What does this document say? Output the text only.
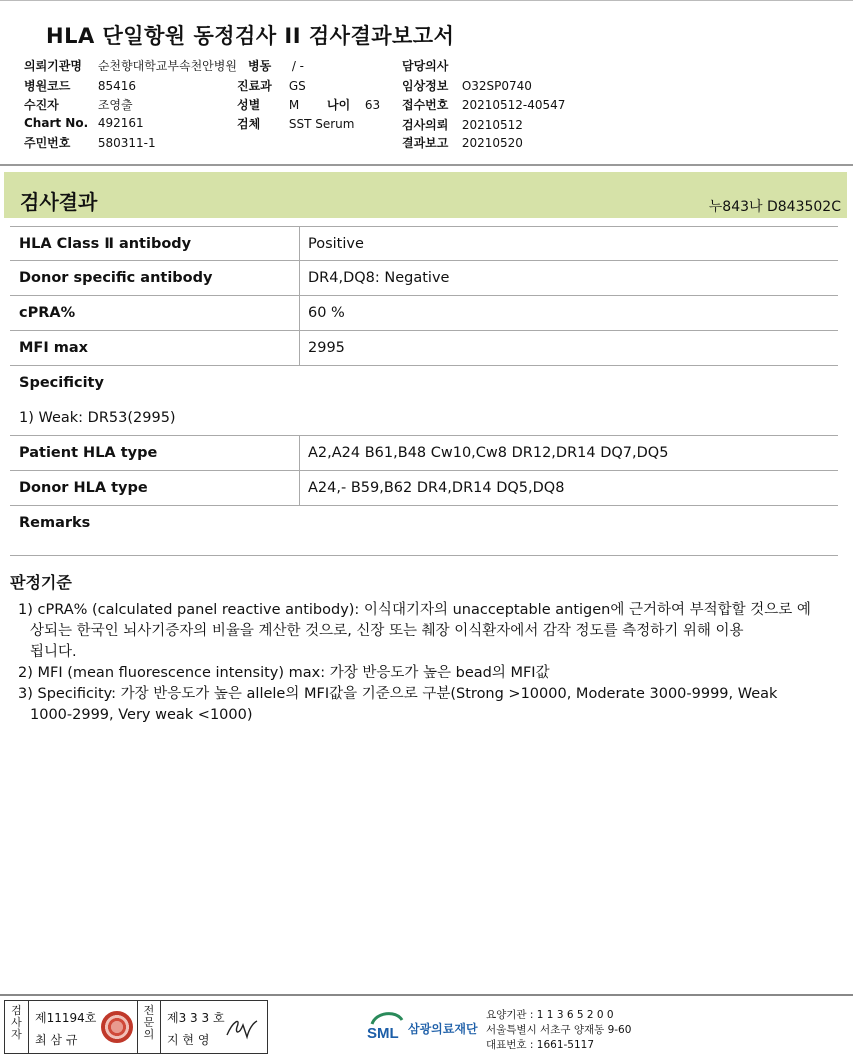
HLA 단일항원 동정검사 II 검사결과보고서
의뢰기관명 순천향대학교부속천안병원
병원코드 85416
수진자	조영출
Chart No. 492161
주민번호 580311-1
병동 / -
진료과 GS
성별 M 나이 63
검체 SST Serum
담당의사
임상정보 O32SP0740
접수번호 20210512-40547
검사의뢰 20210512
결과보고 20210520
검사결과	누843나 D843502C
HLA Class Ⅱ antibody	Positive
Donor specific antibody	DR4,DQ8: Negative
cPRA%	60 %
MFI max	2995
Specificity
1) Weak: DR53(2995)
Patient HLA type	A2,A24 B61,B48 Cw10,Cw8 DR12,DR14 DQ7,DQ5
Donor HLA type	A24,- B59,B62 DR4,DR14 DQ5,DQ8
Remarks
판정기준
1) cPRA% (calculated panel reactive antibody): 이식대기자의 unacceptable antigen에 근거하여 부적합할 것으로 예
상되는 한국인 뇌사기증자의 비율을 계산한 것으로, 신장 또는 췌장 이식환자에서 감작 정도를 측정하기 위해 이용
됩니다.
2) MFI (mean fluorescence intensity) max: 가장 반응도가 높은 bead의 MFI값
3) Specificity: 가장 반응도가 높은 allele의 MFI값을 기준으로 구분(Strong >10000, Moderate 3000-9999, Weak
1000-2999, Very weak <1000)
검사자
제11194호
최 삼 규
전문의
제3 3 3 호
지 현 영	SML 삼광의료재단
요양기관 : 1 1 3 6 5 2 0 0
서울특별시 서초구 양재동 9-60
대표번호 : 1661-5117
